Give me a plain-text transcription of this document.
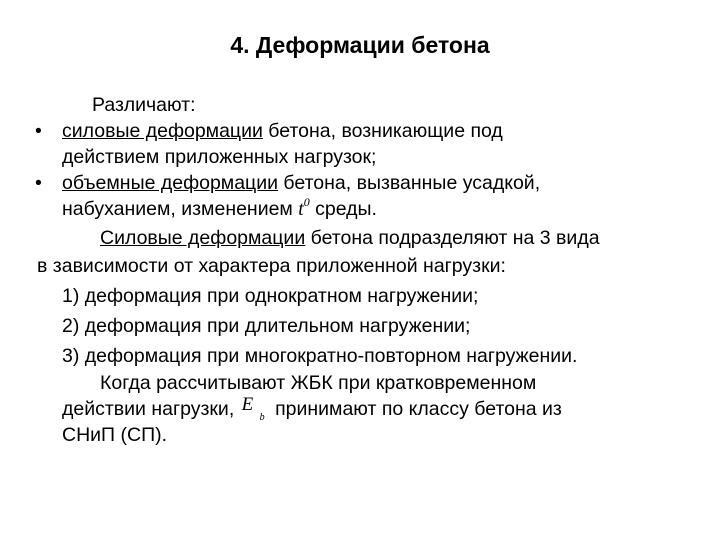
4. Деформации бетона
Различают:
• силовые деформации бетона, возникающие под
действием приложенных нагрузок;
• объемные деформации бетона, вызванные усадкой,
набуханием, изменением $t^0$ среды.
Силовые деформации бетона подразделяют на 3 вида
в зависимости от характера приложенной нагрузки:
1) деформация при однократном нагружении;
2) деформация при длительном нагружении;
3) деформация при многократно-повторном нагружении.
Когда рассчитывают ЖБК при кратковременном
действии нагрузки, E
b принимают по классу бетона из
СНиП (СП).
